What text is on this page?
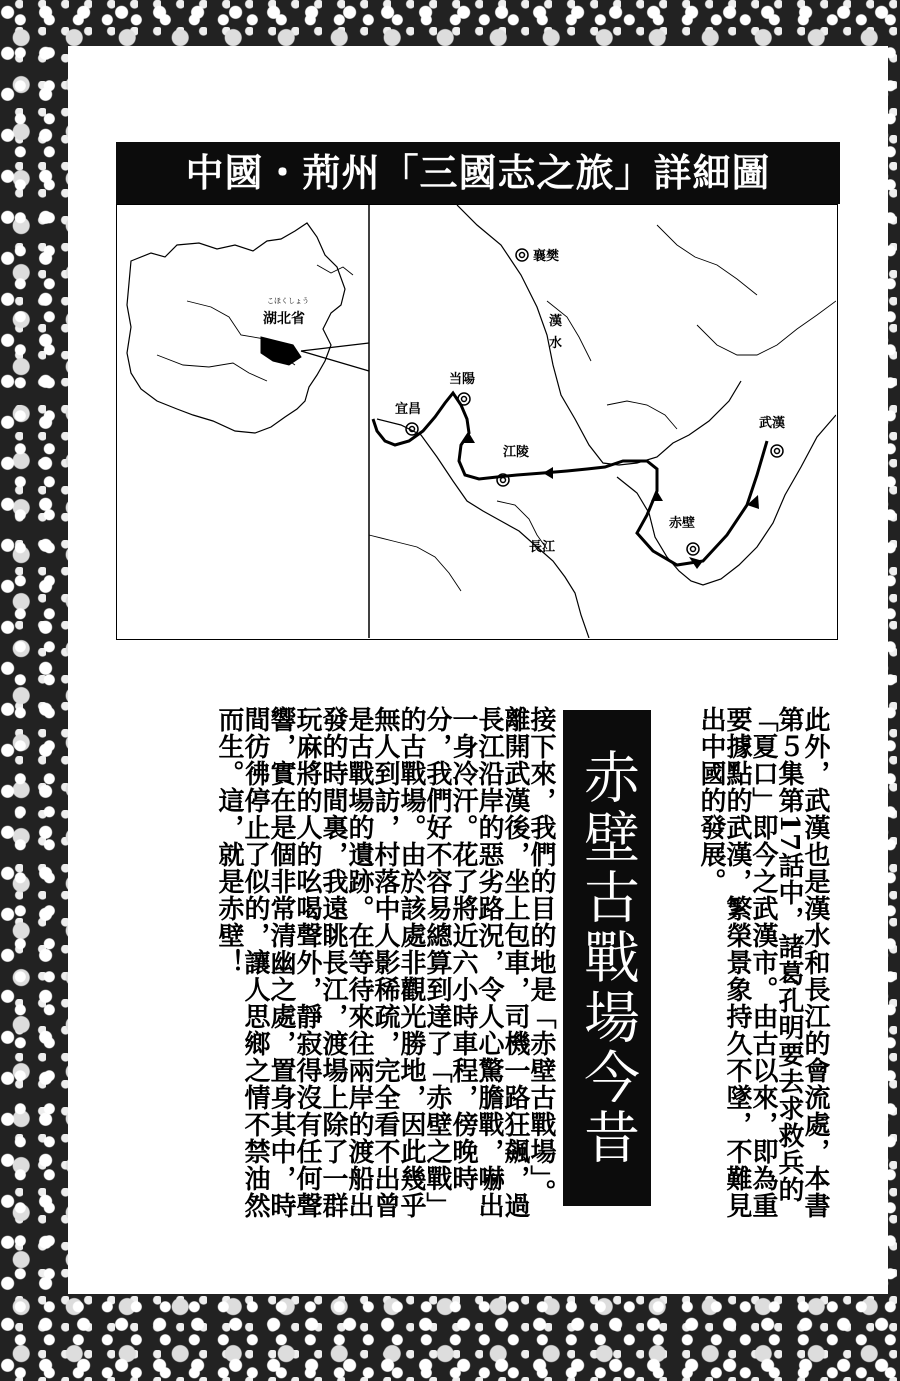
中國・荊州「三國志之旅」詳細圖
こほくしょう
湖北省
襄樊
当陽
宜昌
江陵
武漢
赤壁
漢
水
長江
此外，武漢也是漢水和長江的會流處，本書第５集第17話中，諸葛孔明要去求救兵的「夏口」即今之武漢市。由古以來，即為重要據點的武漢，繁榮景象持久不墜，不難見出中國的發展。
赤壁古戰場今昔
接下來，我們的目的地是「赤壁古戰場」。離開武漢後，坐上包車，司機一路狂飆，過長江沿岸的惡劣路況，令人心驚膽戰，嚇出一身冷汗。花了將近六小時車程，傍晚時分，我們好不容易總算到達了「赤壁之戰」的古戰場。由於該處非觀光勝地，因此幾乎無人到訪，村落中人影稀疏，完全看不出曾是古戰場的遺跡。在等待來往兩岸的渡船出發的時間裏，我遠眺長江，渡場上除了一群玩麻將的人的吆喝聲外，靜寂得沒有任何聲響，實在是個非常清幽之處，置身其中，時間彷彿停止了似的，讓人思鄉之情不禁油然而生。這，就是赤壁！
